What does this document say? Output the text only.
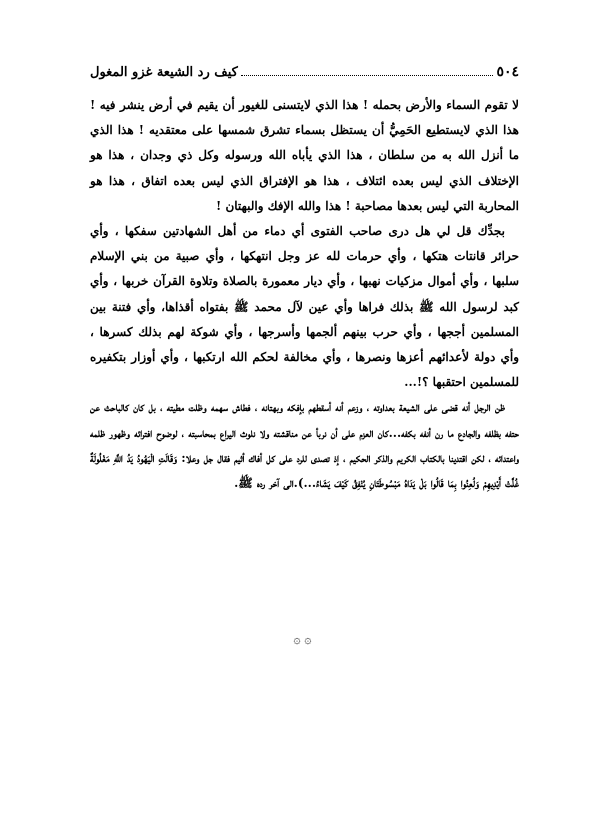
٥٠٤
كيف رد الشيعة غزو المغول

لا تقوم السماء والأرض بحمله ! هذا الذي لايتسنى للغيور أن يقيم في أرض ينشر فيه ! هذا الذي لايستطيع الحَمِيُّ أن يستظل بسماء تشرق شمسها على معتقديه ! هذا الذي ما أنزل الله به من سلطان ، هذا الذي يأباه الله ورسوله وكل ذي وجدان ، هذا هو الإختلاف الذي ليس بعده ائتلاف ، هذا هو الإفتراق الذي ليس بعده اتفاق ، هذا هو المحاربة التي ليس بعدها مصاحبة ! هذا والله الإفك والبهتان !

بجدِّك قل لي هل درى صاحب الفتوى أي دماء من أهل الشهادتين سفكها ، وأي حرائر قانتات هتكها ، وأي حرمات لله عز وجل انتهكها ، وأي صبية من بني الإسلام سلبها ، وأي أموال مزكيات نهبها ، وأي ديار معمورة بالصلاة وتلاوة القرآن خربها ، وأي كبد لرسول الله ﷺ بذلك فراها وأي عين لآل محمد ﷺ بفتواه أقذاها، وأي فتنة بين المسلمين أججها ، وأي حرب بينهم ألجمها وأسرجها ، وأي شوكة لهم بذلك كسرها ، وأي دولة لأعدائهم أعزها ونصرها ، وأي مخالفة لحكم الله ارتكبها ، وأي أوزار بتكفيره للمسلمين احتقبها ؟!...

ظن الرجل أنه قضى على الشيعة بعداوته ، وزعم أنه أسقطهم بإفكه وبهتانه ، فطاش سهمه وظلت مطيته ، بل كان كالباحث عن حتفه بظلفه والجادع ما رن أنفه بكفه...كان العزم على أن نربأ عن مناقشته ولا نلوث اليراع بمحاسبته ، لوضوح افترائه وظهور ظلمه واعتدائه ، لكن اقتدينا بالكتاب الكريم والذكر الحكيم ، إذ تصدى للرد على كل أفاك أثيم فقال جل وعلا: وَقَالَتِ الْيَهُودُ يَدُ اللَّهِ مَغْلُولَةٌ غُلَّتْ أَيْدِيهِمْ وَلُعِنُوا بِمَا قَالُوا بَلْ يَدَاهُ مَبْسُوطَتَانِ يُنْفِقُ كَيْفَ يَشَاءُ...).الى آخر رده ﷺ.

۞ ۞
